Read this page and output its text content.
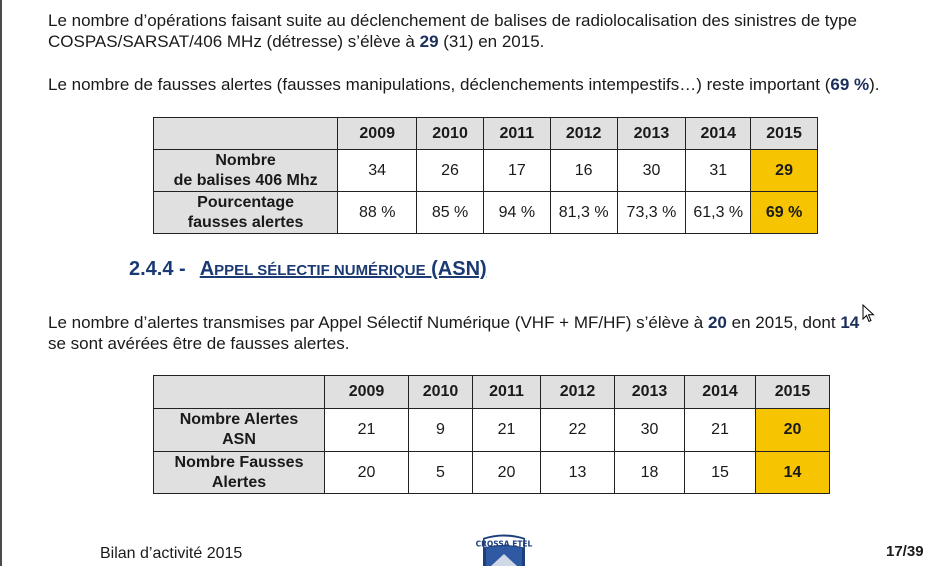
Le nombre d’opérations faisant suite au déclenchement de balises de radiolocalisation des sinistres de type COSPAS/SARSAT/406 MHz (détresse) s’élève à 29 (31) en 2015.

Le nombre de fausses alertes (fausses manipulations, déclenchements intempestifs…) reste important (69 %).

	2009	2010	2011	2012	2013	2014	2015
Nombre
de balises 406 Mhz	34	26	17	16	30	31	29
Pourcentage
fausses alertes	88 %	85 %	94 %	81,3 %	73,3 %	61,3 %	69 %
2.4.4 - APPEL SÉLECTIF NUMÉRIQUE (ASN)

Le nombre d’alertes transmises par Appel Sélectif Numérique (VHF + MF/HF) s’élève à 20 en 2015, dont 14
se sont avérées être de fausses alertes.

	2009	2010	2011	2012	2013	2014	2015
Nombre Alertes
ASN	21	9	21	22	30	21	20
Nombre Fausses
Alertes	20	5	20	13	18	15	14
Bilan d’activité 2015
CROSSA ETEL	17/39
